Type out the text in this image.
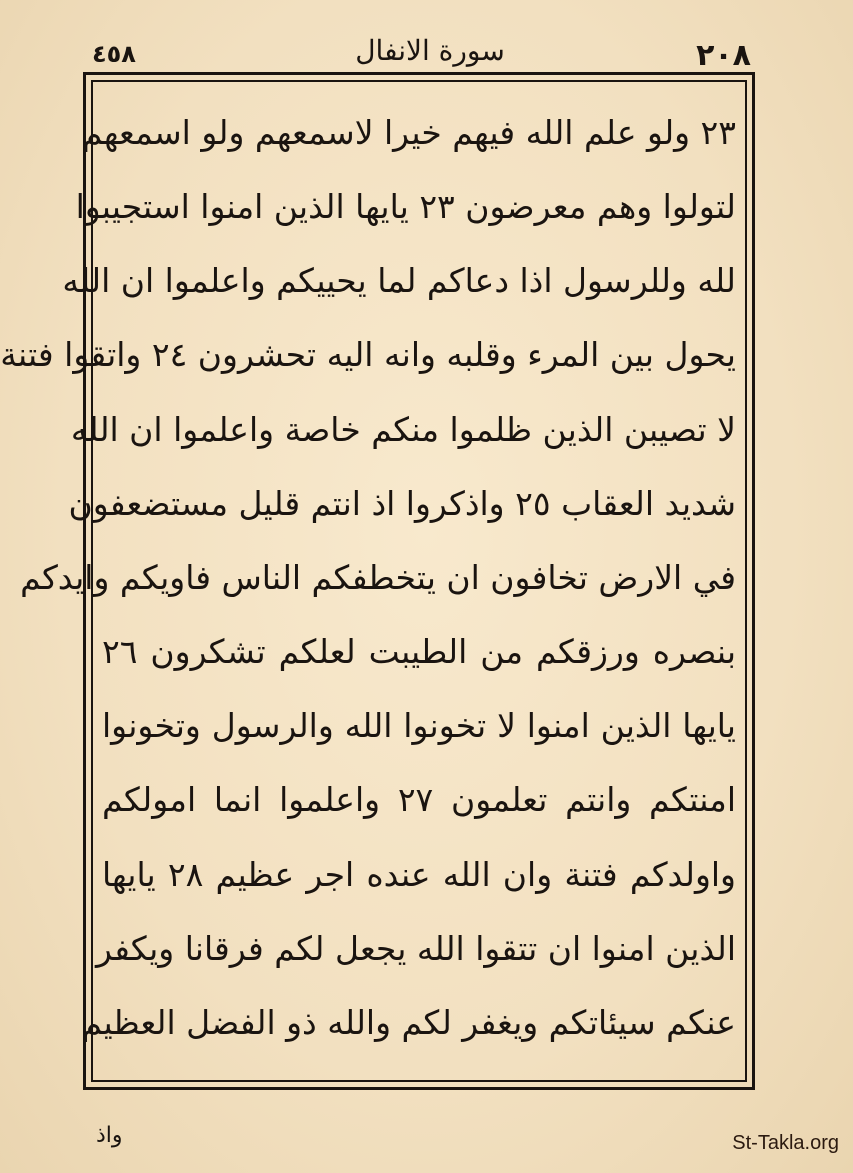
٤٥٨	سورة الانفال	٢٠٨
٢٣ ولو علم الله فيهم خيرا لاسمعهم ولو اسمعهم
لتولوا وهم معرضون ٢٣ يايها الذين امنوا استجيبوا
لله وللرسول اذا دعاكم لما يحييكم واعلموا ان الله
يحول بين المرء وقلبه وانه اليه تحشرون ٢٤ واتقوا فتنة
لا تصيبن الذين ظلموا منكم خاصة واعلموا ان الله
شديد العقاب ٢٥ واذكروا اذ انتم قليل مستضعفون
في الارض تخافون ان يتخطفكم الناس فاويكم وايدكم
بنصره ورزقكم من الطيبت لعلكم تشكرون ٢٦
يايها الذين امنوا لا تخونوا الله والرسول وتخونوا
امنتكم وانتم تعلمون ٢٧ واعلموا انما امولكم
واولدكم فتنة وان الله عنده اجر عظيم ٢٨ يايها
الذين امنوا ان تتقوا الله يجعل لكم فرقانا ويكفر
عنكم سيئاتكم ويغفر لكم والله ذو الفضل العظيم
واذ	St-Takla.org
